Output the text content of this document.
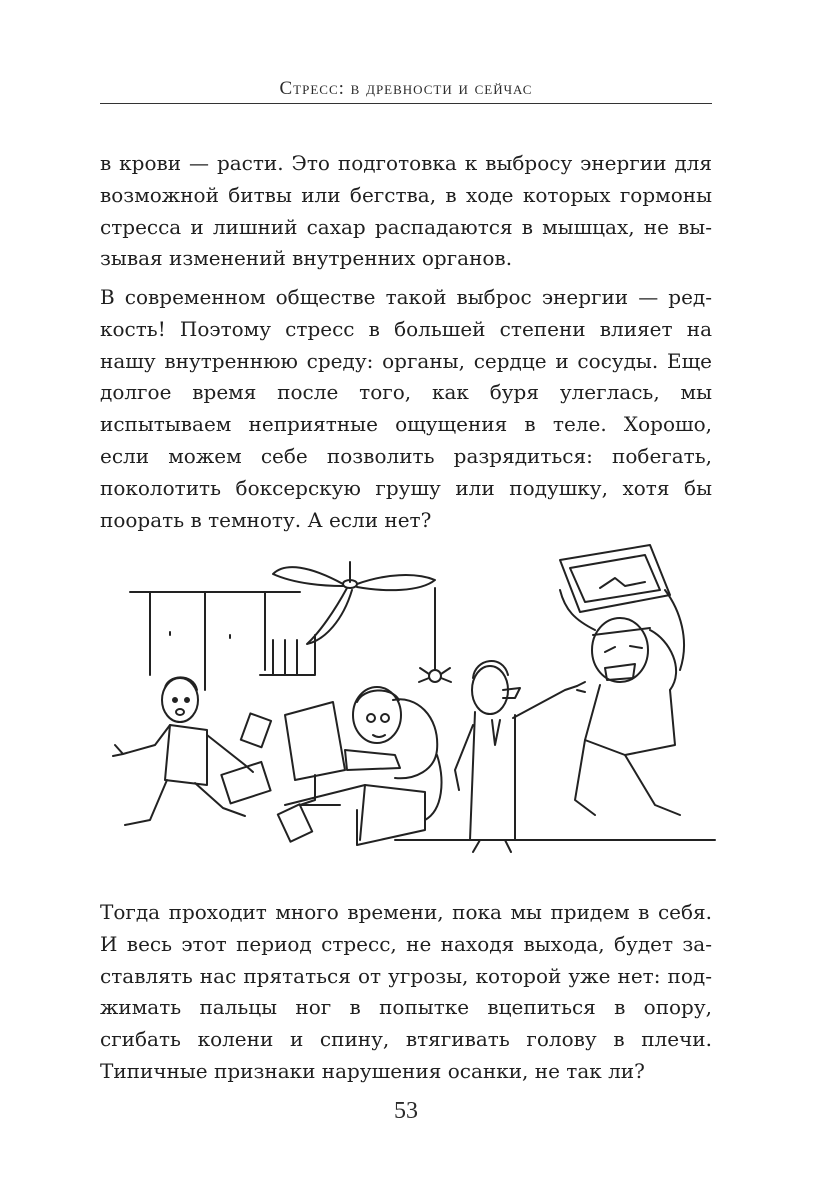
Стресс: в древности и сейчас

в крови — расти. Это подготовка к выбросу энергии для возможной битвы или бегства, в ходе которых гормоны стресса и лишний сахар распадаются в мышцах, не вызывая изменений внутренних органов.

В современном обществе такой выброс энергии — редкость! Поэтому стресс в большей степени влияет на нашу внутреннюю среду: органы, сердце и сосуды. Еще долгое время после того, как буря улеглась, мы испытываем неприятные ощущения в теле. Хорошо, если можем себе позволить разрядиться: побегать, поколотить боксерскую грушу или подушку, хотя бы поорать в темноту. А если нет?

Тогда проходит много времени, пока мы придем в себя. И весь этот период стресс, не находя выхода, будет заставлять нас прятаться от угрозы, которой уже нет: поджимать пальцы ног в попытке вцепиться в опору, сгибать колени и спину, втягивать голову в плечи. Типичные признаки нарушения осанки, не так ли?

53
